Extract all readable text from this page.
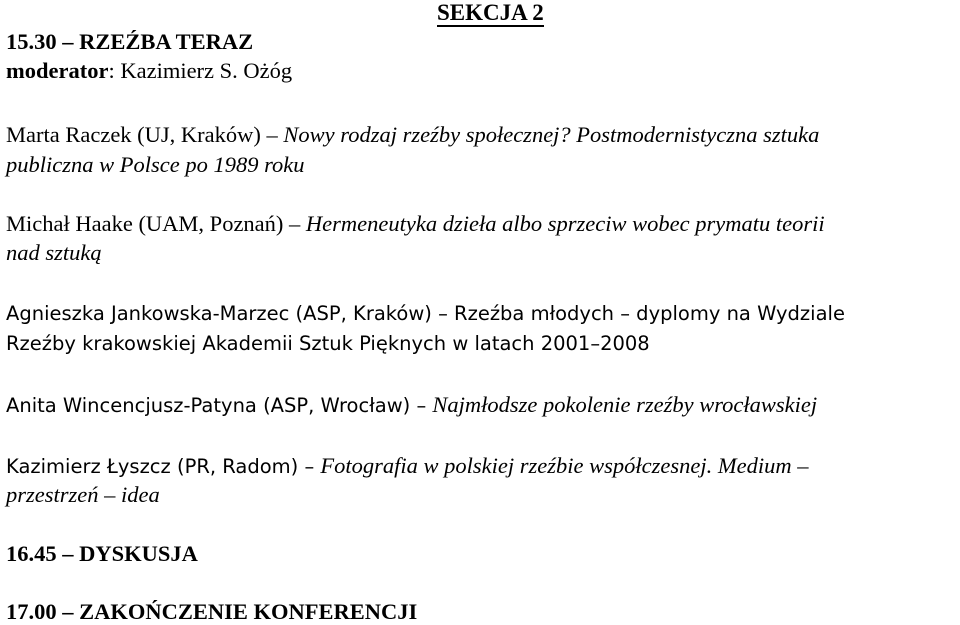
SEKCJA 2
15.30 – RZEŹBA TERAZ
moderator: Kazimierz S. Ożóg
Marta Raczek (UJ, Kraków) – Nowy rodzaj rzeźby społecznej? Postmodernistyczna sztuka
publiczna w Polsce po 1989 roku
Michał Haake (UAM, Poznań) – Hermeneutyka dzieła albo sprzeciw wobec prymatu teorii
nad sztuką
Agnieszka Jankowska-Marzec (ASP, Kraków) – Rzeźba młodych – dyplomy na Wydziale
Rzeźby krakowskiej Akademii Sztuk Pięknych w latach 2001–2008
Anita Wincencjusz-Patyna (ASP, Wrocław) – Najmłodsze pokolenie rzeźby wrocławskiej
Kazimierz Łyszcz (PR, Radom) – Fotografia w polskiej rzeźbie współczesnej. Medium –
przestrzeń – idea
16.45 – DYSKUSJA
17.00 – ZAKOŃCZENIE KONFERENCJI
